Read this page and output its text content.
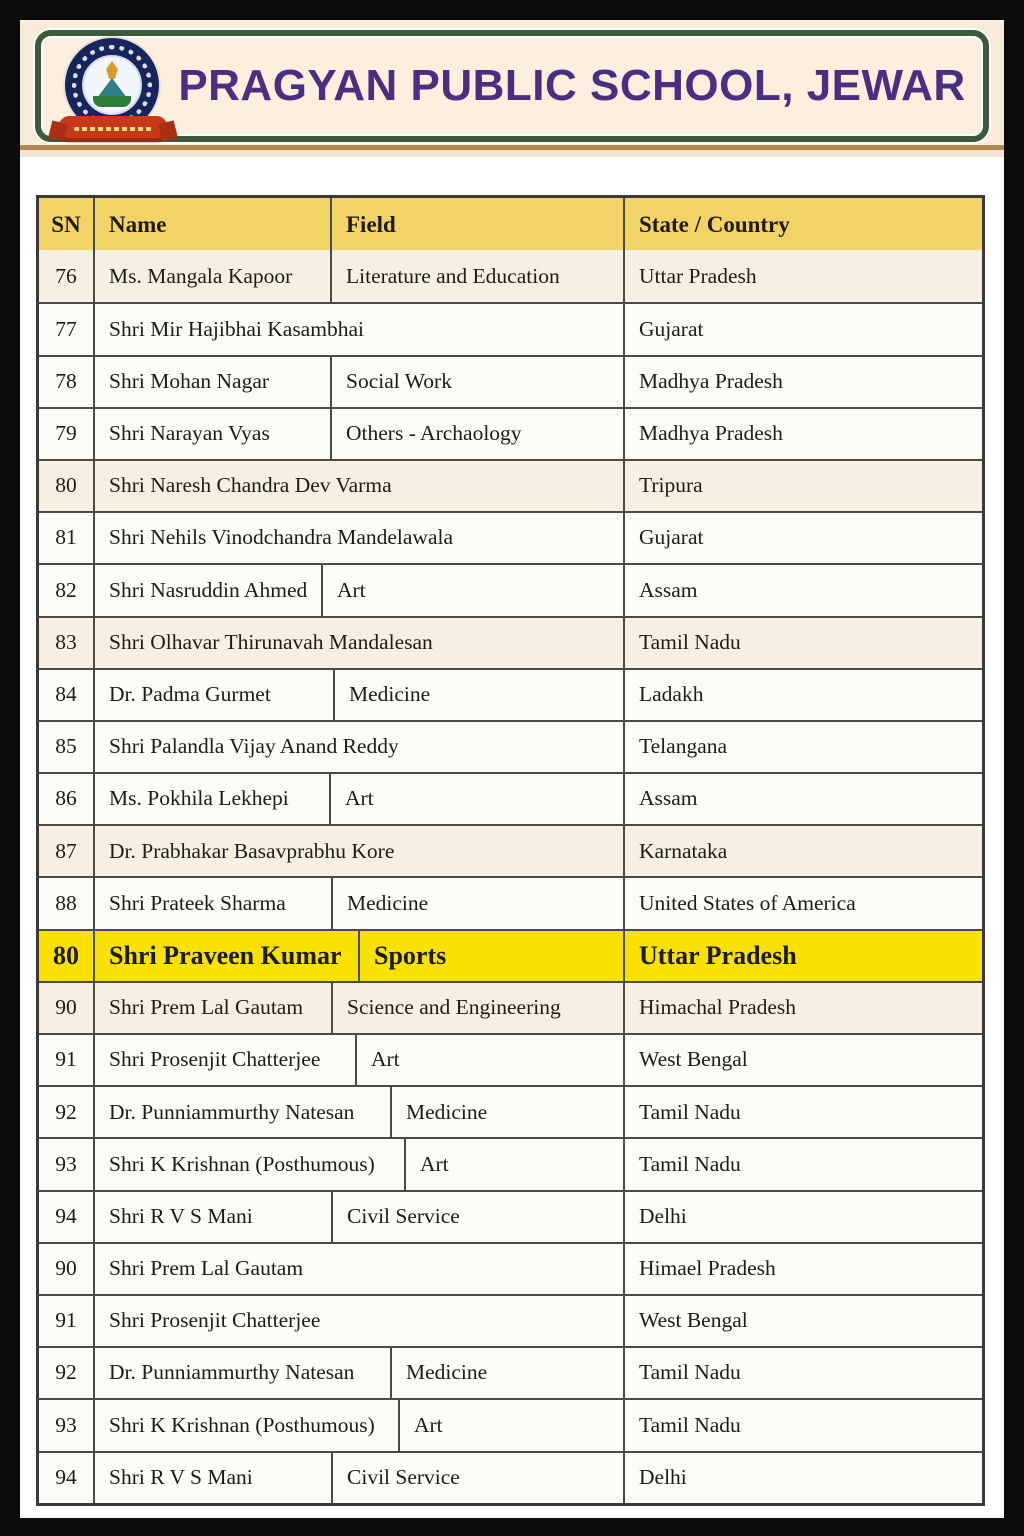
PRAGYAN PUBLIC SCHOOL, JEWAR
SN	Name	Field	State / Country
76	Ms. Mangala Kapoor	Literature and Education	Uttar Pradesh
77	Shri Mir Hajibhai Kasambhai	Gujarat
78	Shri Mohan Nagar	Social Work	Madhya Pradesh
79	Shri Narayan Vyas	Others - Archaology	Madhya Pradesh
80	Shri Naresh Chandra Dev Varma	Tripura
81	Shri Nehils Vinodchandra Mandelawala	Gujarat
82	Shri Nasruddin Ahmed	Art	Assam
83	Shri Olhavar Thirunavah Mandalesan	Tamil Nadu
84	Dr. Padma Gurmet	Medicine	Ladakh
85	Shri Palandla Vijay Anand Reddy	Telangana
86	Ms. Pokhila Lekhepi	Art	Assam
87	Dr. Prabhakar Basavprabhu Kore	Karnataka
88	Shri Prateek Sharma	Medicine	United States of America
80	Shri Praveen Kumar	Sports	Uttar Pradesh
90	Shri Prem Lal Gautam	Science and Engineering	Himachal Pradesh
91	Shri Prosenjit Chatterjee	Art	West Bengal
92	Dr. Punniammurthy Natesan	Medicine	Tamil Nadu
93	Shri K Krishnan (Posthumous)	Art	Tamil Nadu
94	Shri R V S Mani	Civil Service	Delhi
90	Shri Prem Lal Gautam	Himael Pradesh
91	Shri Prosenjit Chatterjee	West Bengal
92	Dr. Punniammurthy Natesan	Medicine	Tamil Nadu
93	Shri K Krishnan (Posthumous)	Art	Tamil Nadu
94	Shri R V S Mani	Civil Service	Delhi
